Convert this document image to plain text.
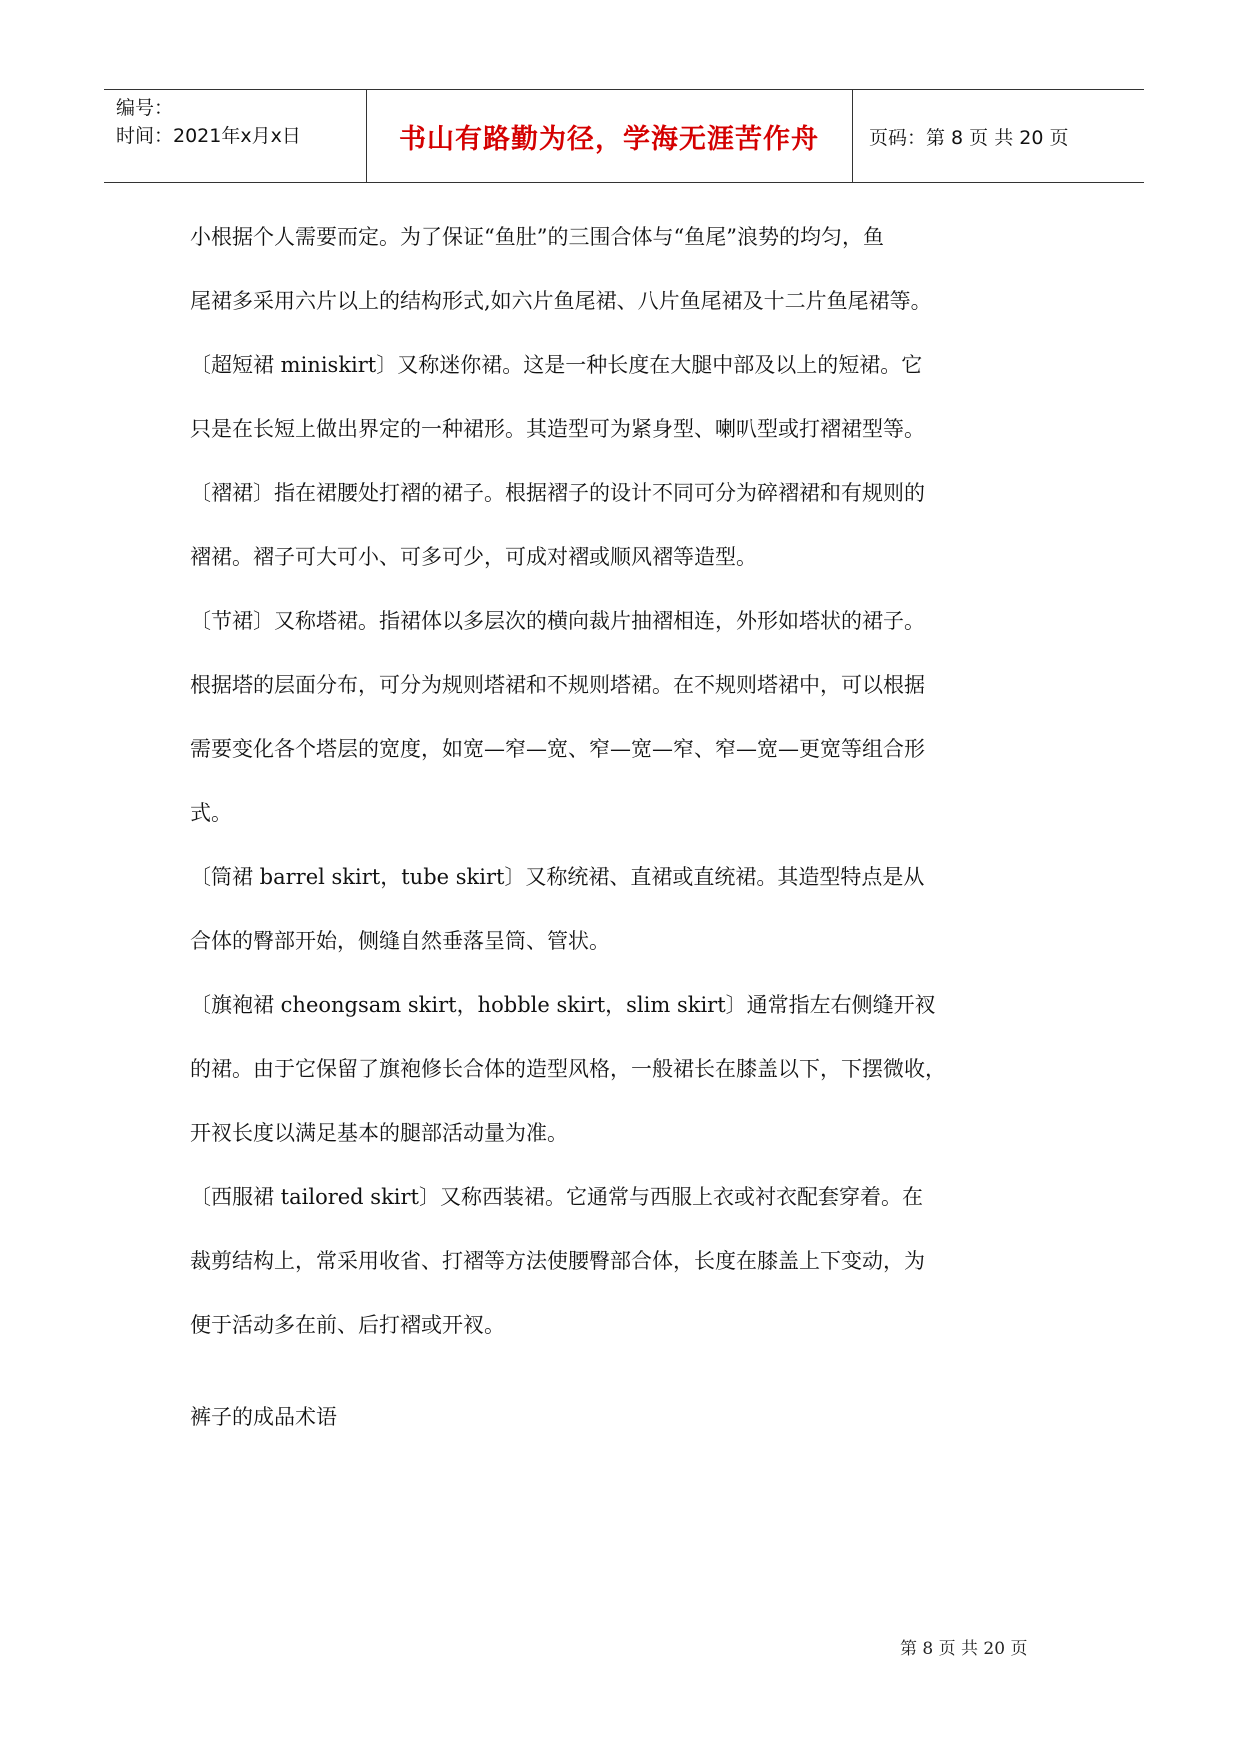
编号：
时间：2021年x月x日	书山有路勤为径，学海无涯苦作舟	页码：第 8 页 共 20 页
小根据个人需要而定。为了保证“鱼肚”的三围合体与“鱼尾”浪势的均匀，鱼
尾裙多采用六片以上的结构形式,如六片鱼尾裙、八片鱼尾裙及十二片鱼尾裙等。
〔超短裙 miniskirt〕又称迷你裙。这是一种长度在大腿中部及以上的短裙。它
只是在长短上做出界定的一种裙形。其造型可为紧身型、喇叭型或打褶裙型等。
〔褶裙〕指在裙腰处打褶的裙子。根据褶子的设计不同可分为碎褶裙和有规则的
褶裙。褶子可大可小、可多可少，可成对褶或顺风褶等造型。
〔节裙〕又称塔裙。指裙体以多层次的横向裁片抽褶相连，外形如塔状的裙子。
根据塔的层面分布，可分为规则塔裙和不规则塔裙。在不规则塔裙中，可以根据
需要变化各个塔层的宽度，如宽—窄—宽、窄—宽—窄、窄—宽—更宽等组合形
式。
〔筒裙 barrel skirt，tube skirt〕又称统裙、直裙或直统裙。其造型特点是从
合体的臀部开始，侧缝自然垂落呈筒、管状。
〔旗袍裙 cheongsam skirt，hobble skirt，slim skirt〕通常指左右侧缝开衩
的裙。由于它保留了旗袍修长合体的造型风格，一般裙长在膝盖以下，下摆微收，
开衩长度以满足基本的腿部活动量为准。
〔西服裙 tailored skirt〕又称西装裙。它通常与西服上衣或衬衣配套穿着。在
裁剪结构上，常采用收省、打褶等方法使腰臀部合体，长度在膝盖上下变动，为
便于活动多在前、后打褶或开衩。
裤子的成品术语
第 8 页 共 20 页
